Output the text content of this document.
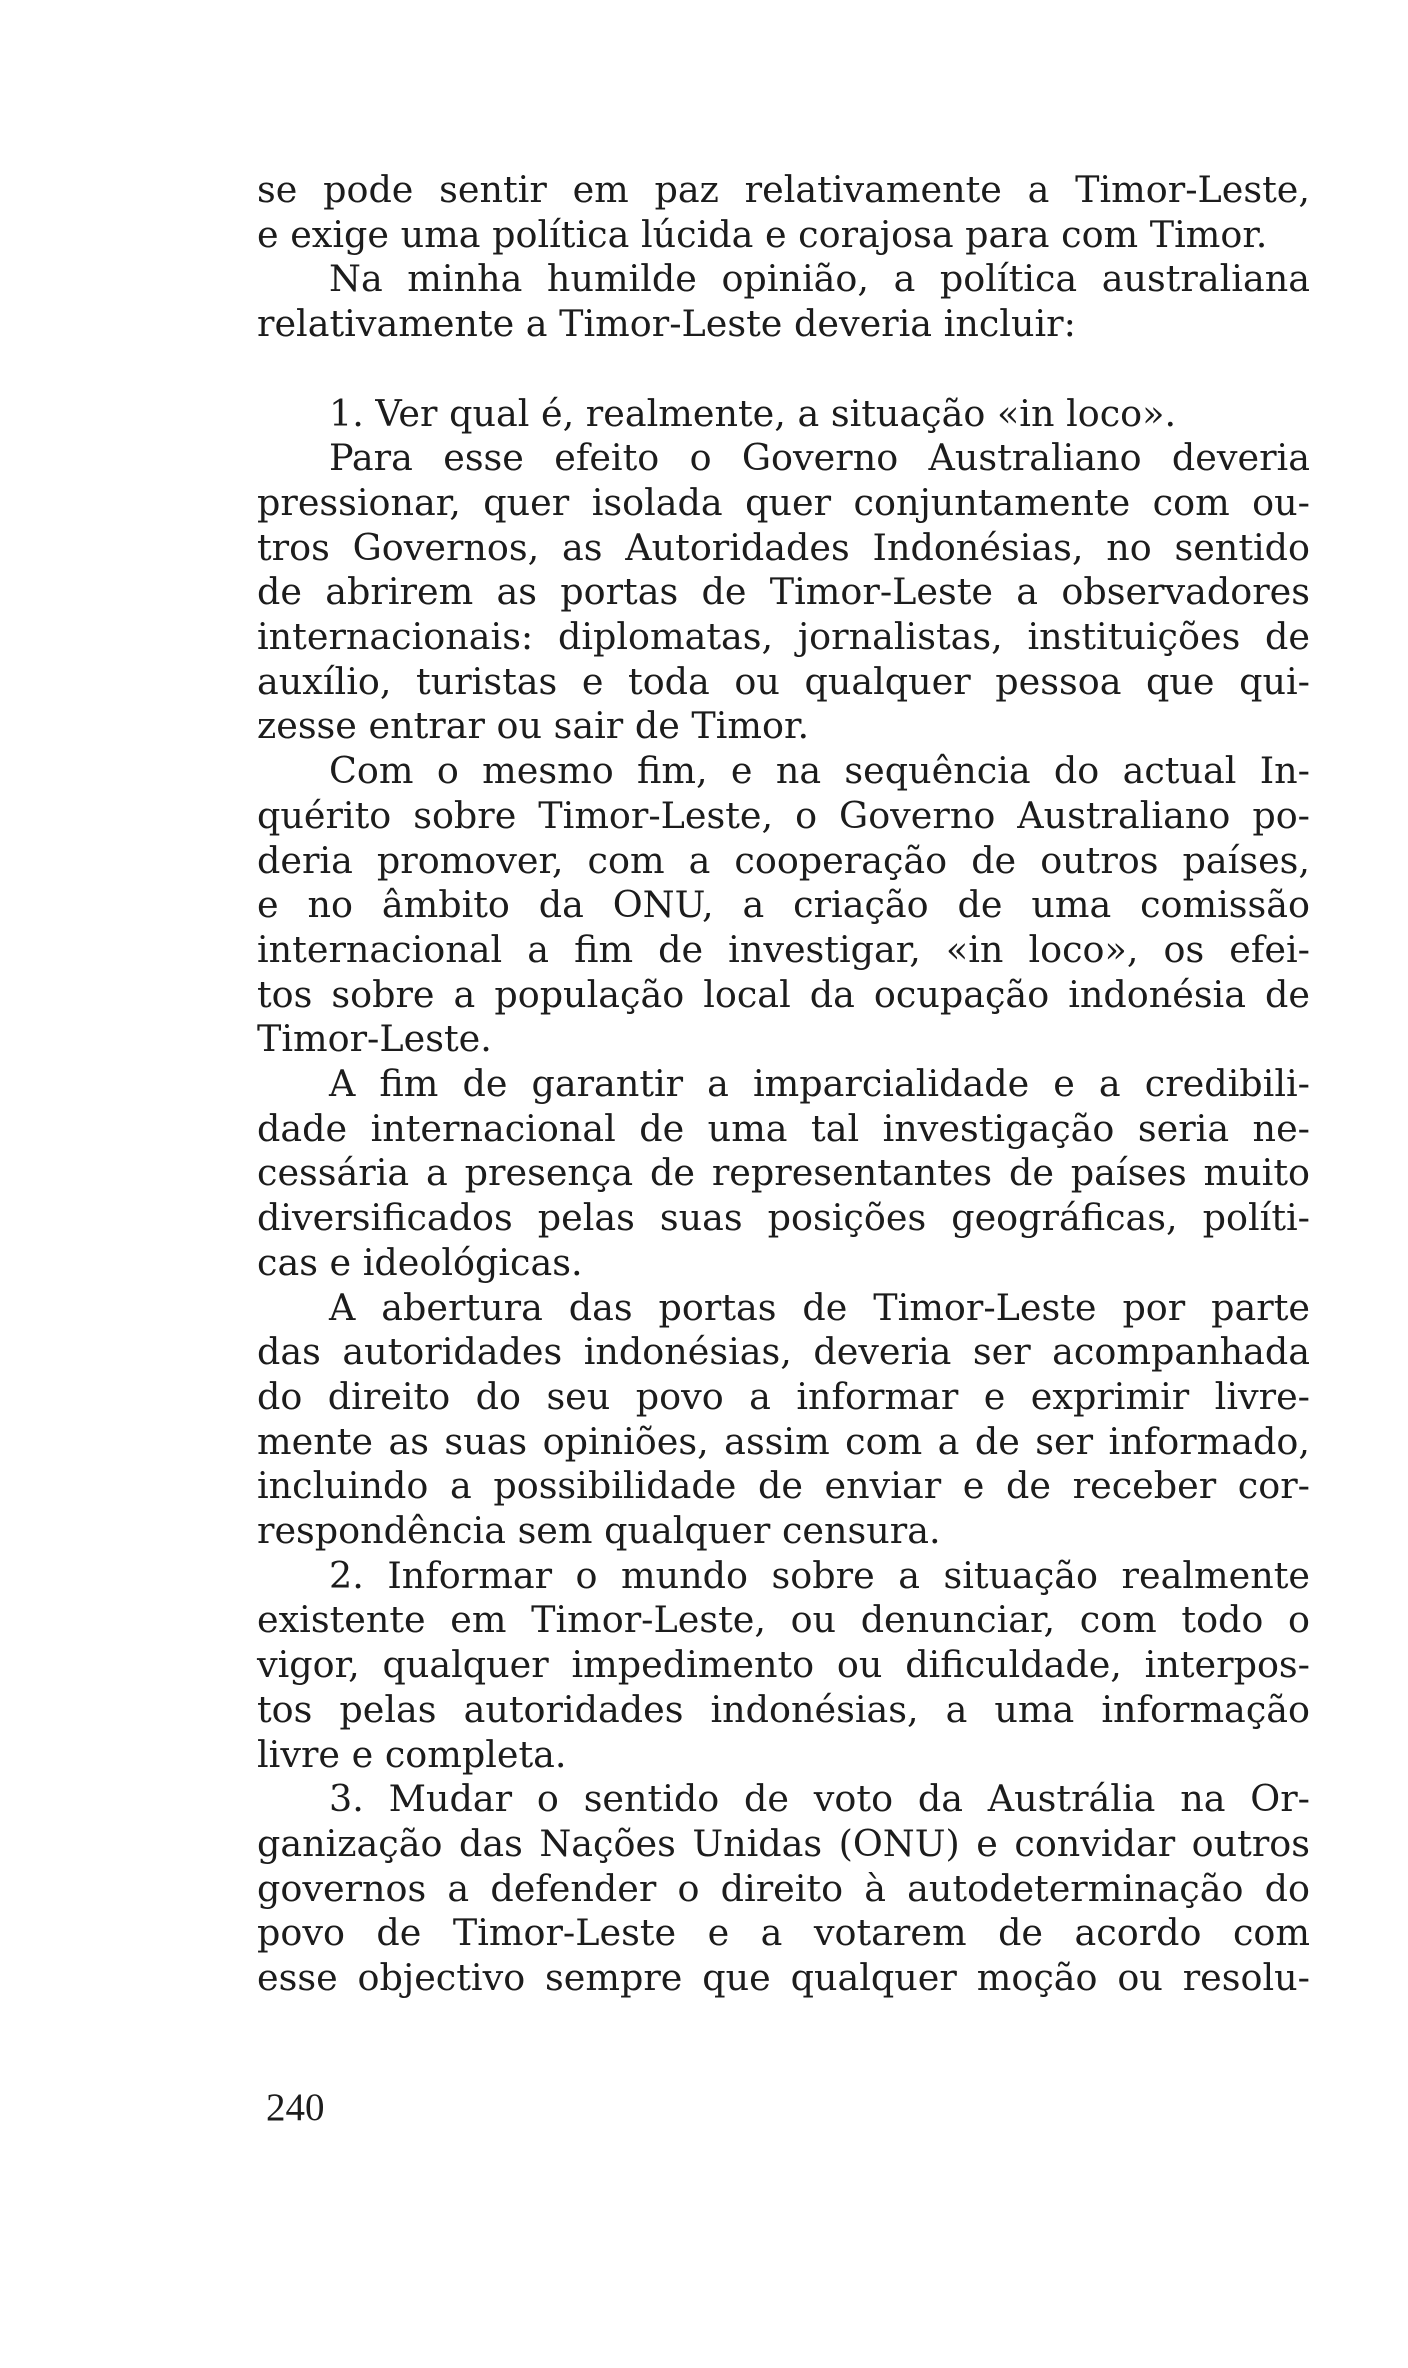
se pode sentir em paz relativamente a Timor-Leste,

e exige uma política lúcida e corajosa para com Timor.

Na minha humilde opinião, a política australiana

relativamente a Timor-Leste deveria incluir:

1. Ver qual é, realmente, a situação «in loco».

Para esse efeito o Governo Australiano deveria

pressionar, quer isolada quer conjuntamente com ou-

tros Governos, as Autoridades Indonésias, no sentido

de abrirem as portas de Timor-Leste a observadores

internacionais: diplomatas, jornalistas, instituições de

auxílio, turistas e toda ou qualquer pessoa que qui-

zesse entrar ou sair de Timor.

Com o mesmo fim, e na sequência do actual In-

quérito sobre Timor-Leste, o Governo Australiano po-

deria promover, com a cooperação de outros países,

e no âmbito da ONU, a criação de uma comissão

internacional a fim de investigar, «in loco», os efei-

tos sobre a população local da ocupação indonésia de

Timor-Leste.

A fim de garantir a imparcialidade e a credibili-

dade internacional de uma tal investigação seria ne-

cessária a presença de representantes de países muito

diversificados pelas suas posições geográficas, políti-

cas e ideológicas.

A abertura das portas de Timor-Leste por parte

das autoridades indonésias, deveria ser acompanhada

do direito do seu povo a informar e exprimir livre-

mente as suas opiniões, assim com a de ser informado,

incluindo a possibilidade de enviar e de receber cor-

respondência sem qualquer censura.

2. Informar o mundo sobre a situação realmente

existente em Timor-Leste, ou denunciar, com todo o

vigor, qualquer impedimento ou dificuldade, interpos-

tos pelas autoridades indonésias, a uma informação

livre e completa.

3. Mudar o sentido de voto da Austrália na Or-

ganização das Nações Unidas (ONU) e convidar outros

governos a defender o direito à autodeterminação do

povo de Timor-Leste e a votarem de acordo com

esse objectivo sempre que qualquer moção ou resolu-

240
